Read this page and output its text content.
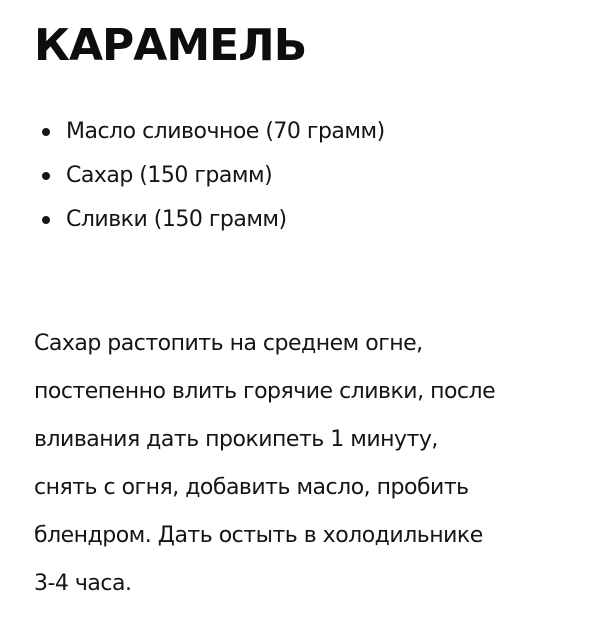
КАРАМЕЛЬ
Масло сливочное (70 грамм)
Сахар (150 грамм)
Сливки (150 грамм)

Сахар растопить на среднем огне,
постепенно влить горячие сливки, после
вливания дать прокипеть 1 минуту,
снять с огня, добавить масло, пробить
блендром. Дать остыть в холодильнике
3-4 часа.
